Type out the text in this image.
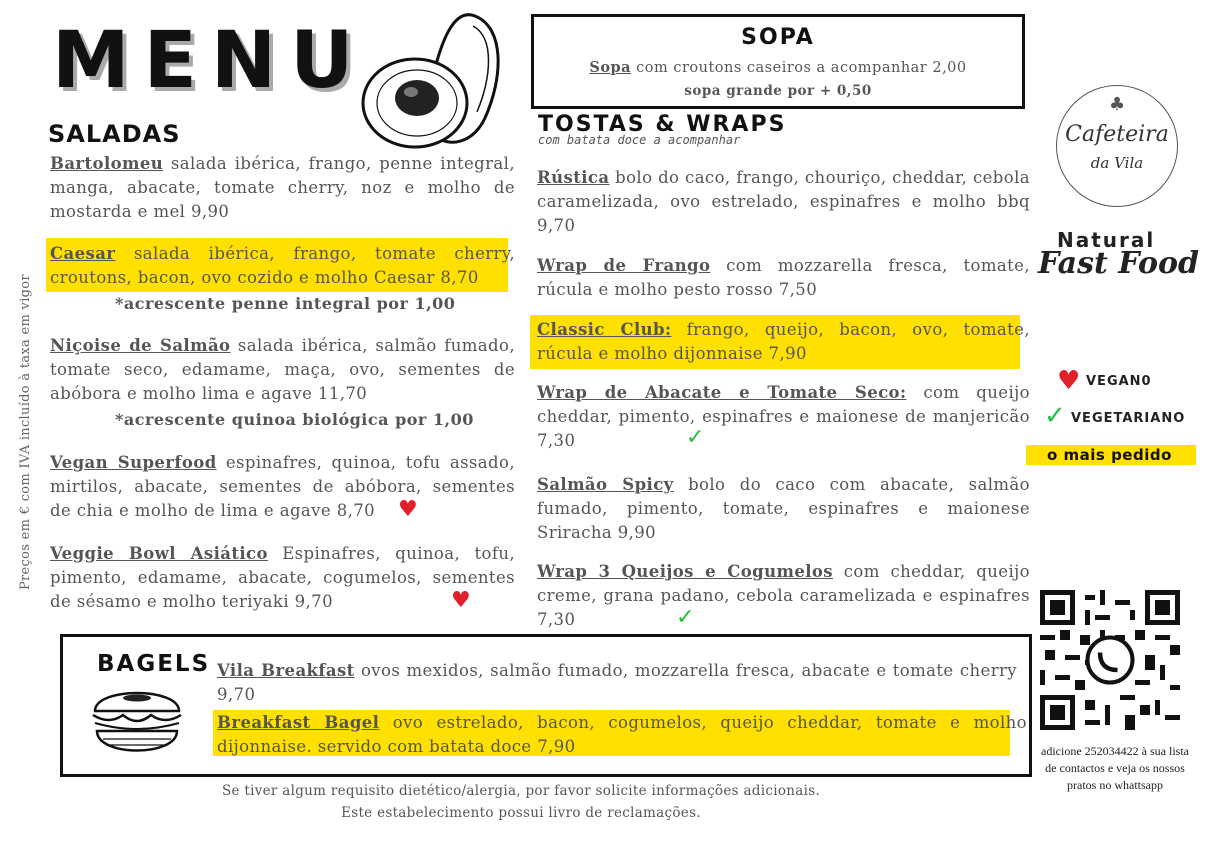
MENU
Preços em € com IVA incluído à taxa em vigor
SALADAS
Bartolomeu salada ibérica, frango, penne integral, manga, abacate, tomate cherry, noz e molho de mostarda e mel 9,90
Caesar salada ibérica, frango, tomate cherry, croutons, bacon, ovo cozido e molho Caesar 8,70
*acrescente penne integral por 1,00
Niçoise de Salmão salada ibérica, salmão fumado, tomate seco, edamame, maça, ovo, sementes de abóbora e molho lima e agave 11,70
*acrescente quinoa biológica por 1,00
Vegan Superfood espinafres, quinoa, tofu assado, mirtilos, abacate, sementes de abóbora, sementes de chia e molho de lima e agave 8,70	♥
Veggie Bowl Asiático Espinafres, quinoa, tofu, pimento, edamame, abacate, cogumelos, sementes de sésamo e molho teriyaki 9,70	♥
SOPA
Sopa com croutons caseiros a acompanhar 2,00
sopa grande por + 0,50
TOSTAS & WRAPS
com batata doce a acompanhar
Rústica bolo do caco, frango, chouriço, cheddar, cebola caramelizada, ovo estrelado, espinafres e molho bbq 9,70
Wrap de Frango com mozzarella fresca, tomate, rúcula e molho pesto rosso 7,50
Classic Club: frango, queijo, bacon, ovo, tomate, rúcula e molho dijonnaise 7,90
Wrap de Abacate e Tomate Seco: com queijo cheddar, pimento, espinafres e maionese de manjericão 7,30	✓
Salmão Spicy bolo do caco com abacate, salmão fumado, pimento, tomate, espinafres e maionese Sriracha 9,90
Wrap 3 Queijos e Cogumelos com cheddar, queijo creme, grana padano, cebola caramelizada e espinafres 7,30	✓
BAGELS Vila Breakfast ovos mexidos, salmão fumado, mozzarella fresca, abacate e tomate cherry 9,70
Breakfast Bagel ovo estrelado, bacon, cogumelos, queijo cheddar, tomate e molho dijonnaise. servido com batata doce 7,90
Cafeteira
da Vila
♣
Natural
Fast Food
♥ VEGAN0
✓ VEGETARIANO
o mais pedido
adicione 252034422 à sua lista de contactos e veja os nossos pratos no whattsapp
Se tiver algum requisito dietético/alergia, por favor solicite informações adicionais.
Este estabelecimento possui livro de reclamações.
